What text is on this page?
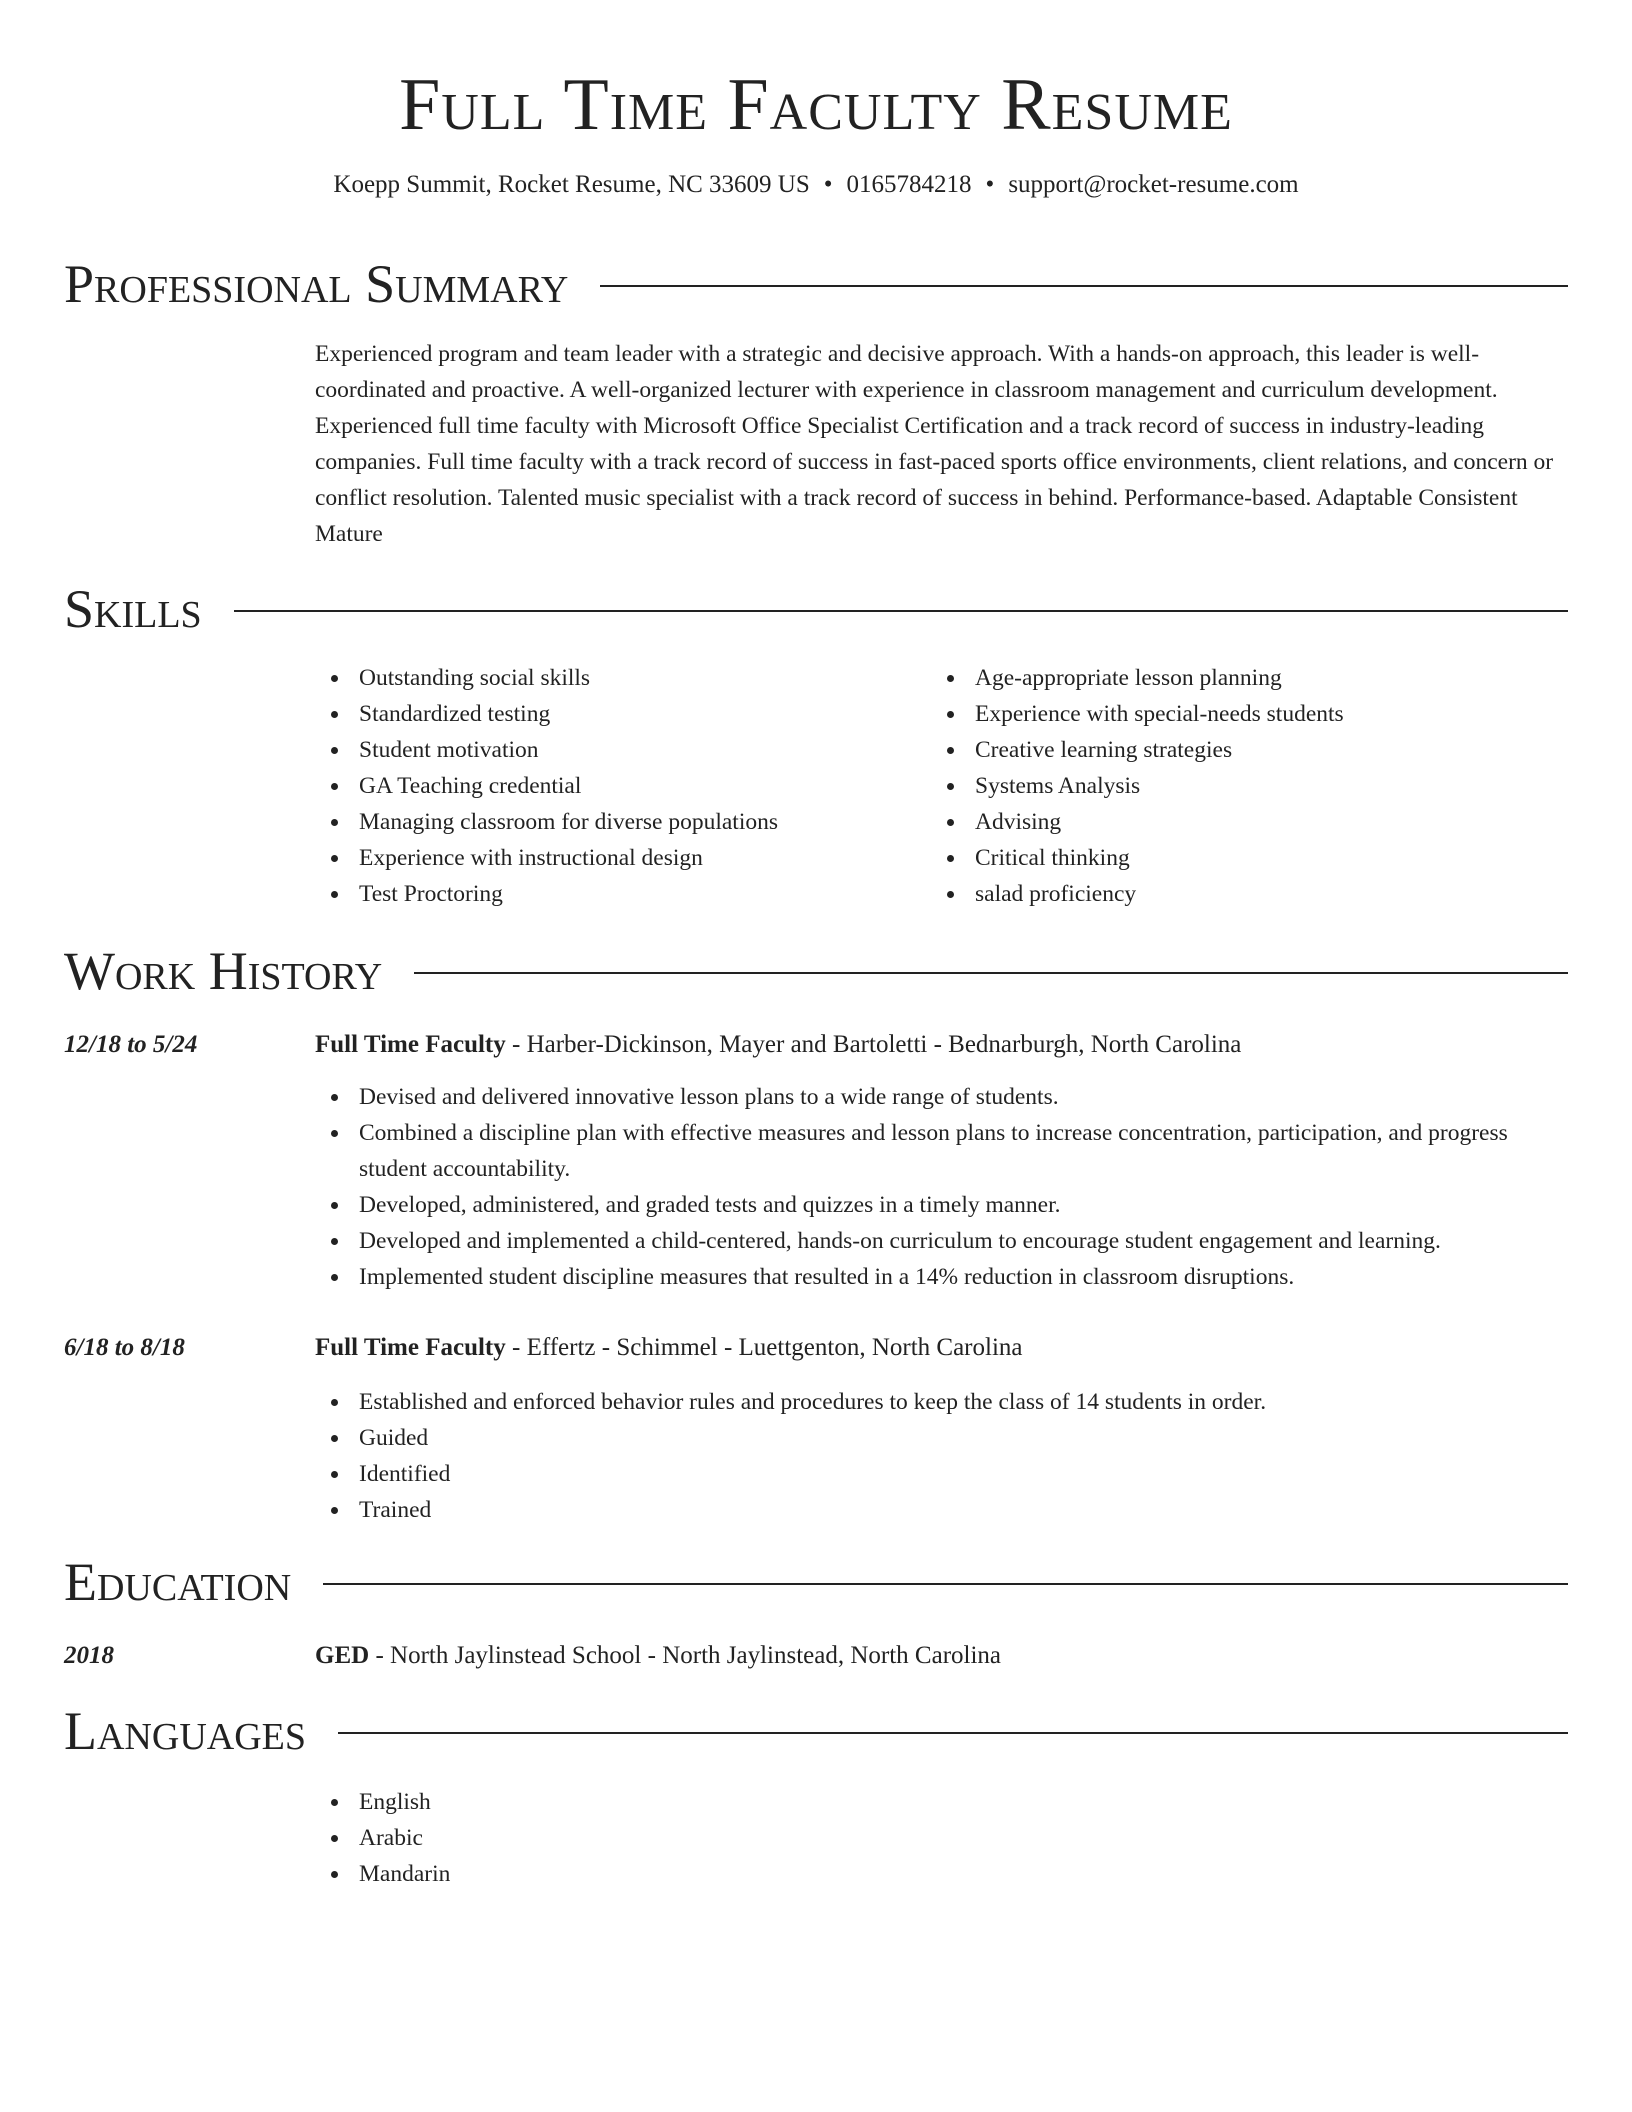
Full Time Faculty Resume
Koepp Summit, Rocket Resume, NC 33609 US • 0165784218 • support@rocket-resume.com
Professional Summary
Experienced program and team leader with a strategic and decisive approach. With a hands-on approach, this leader is well-coordinated and proactive. A well-organized lecturer with experience in classroom management and curriculum development. Experienced full time faculty with Microsoft Office Specialist Certification and a track record of success in industry-leading companies. Full time faculty with a track record of success in fast-paced sports office environments, client relations, and concern or conflict resolution. Talented music specialist with a track record of success in behind. Performance-based. Adaptable Consistent Mature
Skills
Outstanding social skills
Standardized testing
Student motivation
GA Teaching credential
Managing classroom for diverse populations
Experience with instructional design
Test Proctoring
Age-appropriate lesson planning
Experience with special-needs students
Creative learning strategies
Systems Analysis
Advising
Critical thinking
salad proficiency
Work History
12/18 to 5/24	Full Time Faculty - Harber-Dickinson, Mayer and Bartoletti - Bednarburgh, North Carolina
Devised and delivered innovative lesson plans to a wide range of students.
Combined a discipline plan with effective measures and lesson plans to increase concentration, participation, and progress student accountability.
Developed, administered, and graded tests and quizzes in a timely manner.
Developed and implemented a child-centered, hands-on curriculum to encourage student engagement and learning.
Implemented student discipline measures that resulted in a 14% reduction in classroom disruptions.
6/18 to 8/18	Full Time Faculty - Effertz - Schimmel - Luettgenton, North Carolina
Established and enforced behavior rules and procedures to keep the class of 14 students in order.
Guided
Identified
Trained
Education
2018	GED - North Jaylinstead School - North Jaylinstead, North Carolina
Languages
English
Arabic
Mandarin
